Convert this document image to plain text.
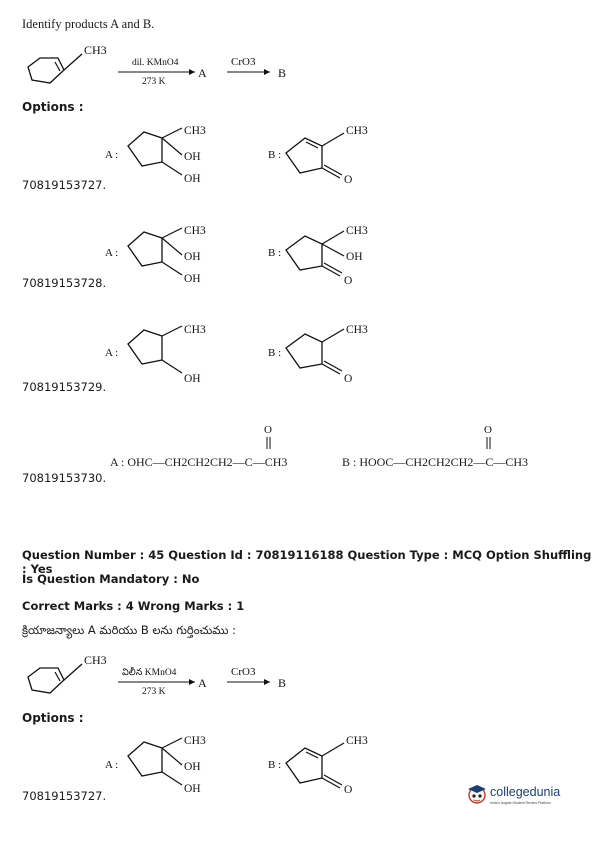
Identify products A and B.
CH3
dil. KMnO4
273 K
A
CrO3
B
Options :
70819153727.
A :
CH3
OH
OH
B :
CH3
O
70819153728.
A :
CH3
OH
OH
B :
CH3
OH
O
70819153729.
A :
CH3
OH
B :
CH3
O
70819153730.
O	O
A : OHC—CH2CH2CH2—C—CH3	B : HOOC—CH2CH2CH2—C—CH3
Question Number : 45 Question Id : 70819116188 Question Type : MCQ Option Shuffling : Yes
Is Question Mandatory : No
Correct Marks : 4 Wrong Marks : 1
క్రియాజన్యాలు A మరియు B లను గుర్తించుము :
CH3
విలీన KMnO4
273 K
A
CrO3
B
Options :
70819153727.
A :
CH3
OH
OH
B :
CH3
O	collegedunia
India's largest Student Review Platform
